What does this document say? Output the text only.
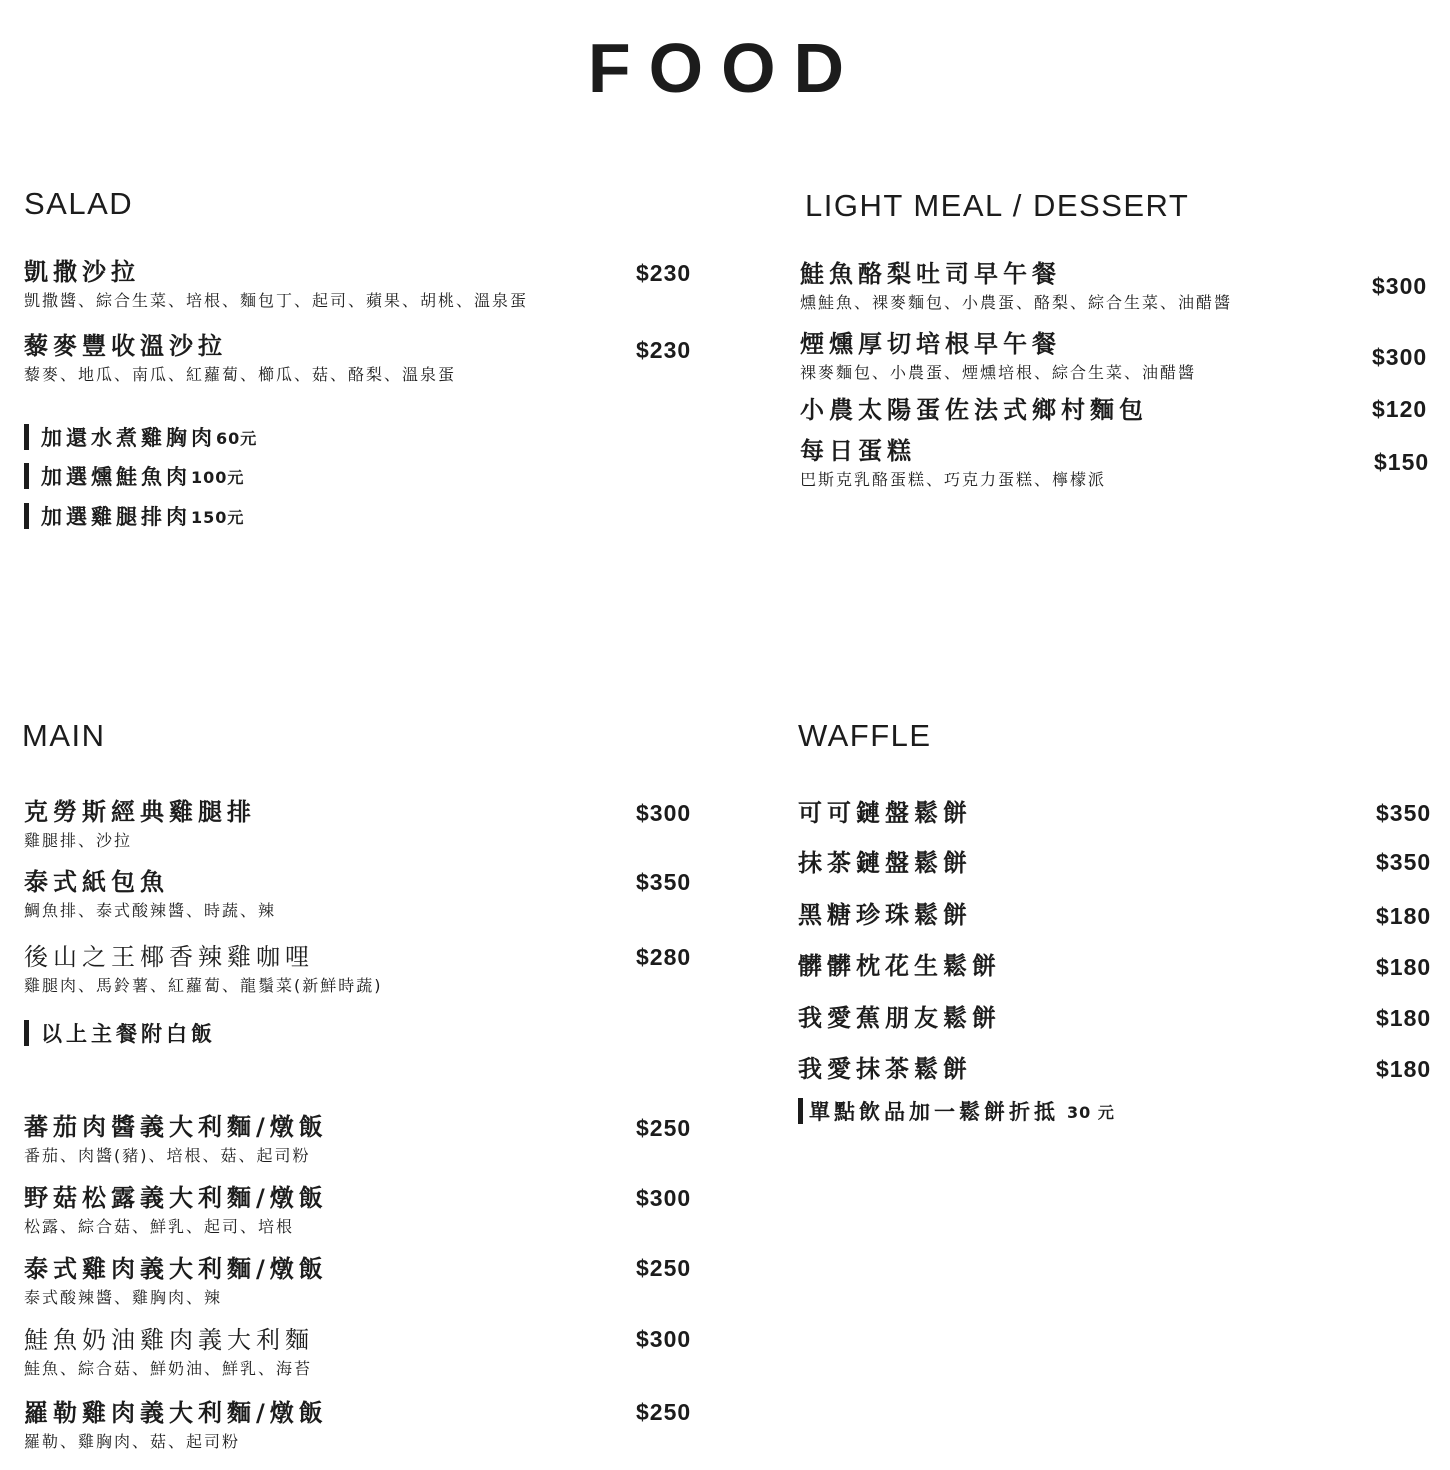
FOOD
SALAD
凱撒沙拉
凱撒醬、綜合生菜、培根、麵包丁、起司、蘋果、胡桃、溫泉蛋
$230
藜麥豐收溫沙拉
藜麥、地瓜、南瓜、紅蘿蔔、櫛瓜、菇、酪梨、溫泉蛋
$230
加還水煮雞胸肉 60元
加選燻鮭魚肉 100元
加選雞腿排肉 150元
LIGHT MEAL / DESSERT
鮭魚酪梨吐司早午餐
燻鮭魚、裸麥麵包、小農蛋、酪梨、綜合生菜、油醋醬
$300
煙燻厚切培根早午餐
裸麥麵包、小農蛋、煙燻培根、綜合生菜、油醋醬
$300
小農太陽蛋佐法式鄉村麵包	$120
每日蛋糕
巴斯克乳酪蛋糕、巧克力蛋糕、檸檬派
$150
MAIN
克勞斯經典雞腿排
雞腿排、沙拉
$300
泰式紙包魚
鯛魚排、泰式酸辣醬、時蔬、辣
$350
後山之王椰香辣雞咖哩
雞腿肉、馬鈴薯、紅蘿蔔、龍鬚菜(新鮮時蔬)
$280
以上主餐附白飯
蕃茄肉醬義大利麵/燉飯
番茄、肉醬(豬)、培根、菇、起司粉
$250
野菇松露義大利麵/燉飯
松露、綜合菇、鮮乳、起司、培根
$300
泰式雞肉義大利麵/燉飯
泰式酸辣醬、雞胸肉、辣
$250
鮭魚奶油雞肉義大利麵
鮭魚、綜合菇、鮮奶油、鮮乳、海苔
$300
羅勒雞肉義大利麵/燉飯
羅勒、雞胸肉、菇、起司粉
$250
WAFFLE
可可鏈盤鬆餅	$350
抹茶鏈盤鬆餅	$350
黑糖珍珠鬆餅	$180
髒髒枕花生鬆餅	$180
我愛蕉朋友鬆餅	$180
我愛抹茶鬆餅	$180
單點飲品加一鬆餅折抵 30 元
